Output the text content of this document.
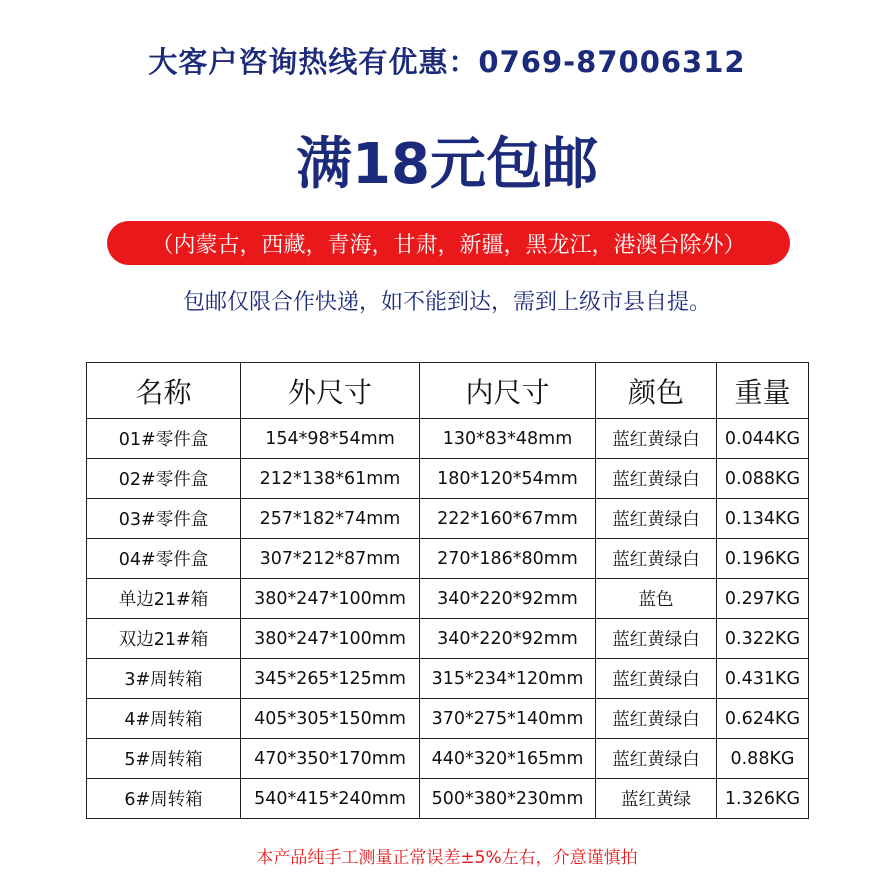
大客户咨询热线有优惠：0769-87006312
满18元包邮
（内蒙古，西藏，青海，甘肃，新疆，黑龙江，港澳台除外）
包邮仅限合作快递，如不能到达，需到上级市县自提。
名称	外尺寸	内尺寸	颜色	重量
01#零件盒	154*98*54mm	130*83*48mm	蓝红黄绿白	0.044KG
02#零件盒	212*138*61mm	180*120*54mm	蓝红黄绿白	0.088KG
03#零件盒	257*182*74mm	222*160*67mm	蓝红黄绿白	0.134KG
04#零件盒	307*212*87mm	270*186*80mm	蓝红黄绿白	0.196KG
单边21#箱	380*247*100mm	340*220*92mm	蓝色	0.297KG
双边21#箱	380*247*100mm	340*220*92mm	蓝红黄绿白	0.322KG
3#周转箱	345*265*125mm	315*234*120mm	蓝红黄绿白	0.431KG
4#周转箱	405*305*150mm	370*275*140mm	蓝红黄绿白	0.624KG
5#周转箱	470*350*170mm	440*320*165mm	蓝红黄绿白	0.88KG
6#周转箱	540*415*240mm	500*380*230mm	蓝红黄绿	1.326KG
本产品纯手工测量正常误差±5%左右，介意谨慎拍
